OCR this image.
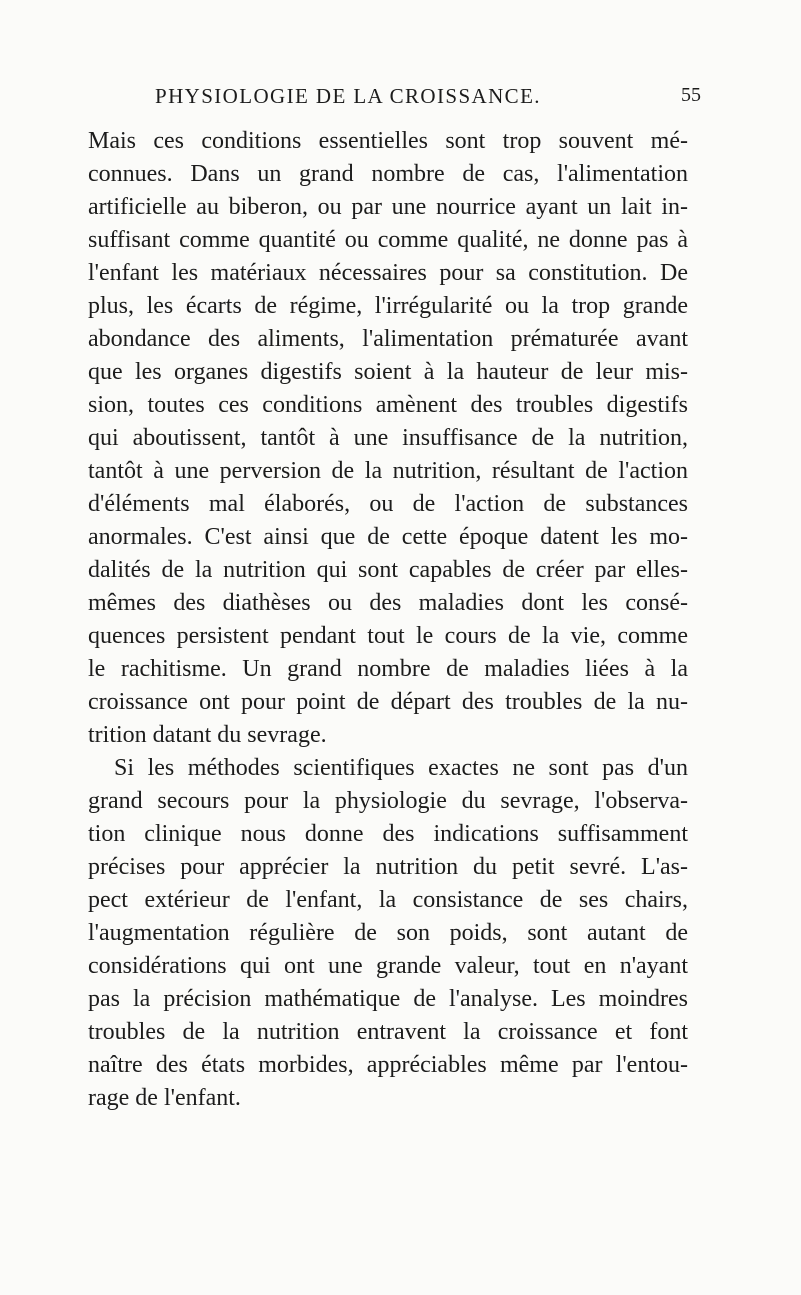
PHYSIOLOGIE DE LA CROISSANCE.	55
Mais ces conditions essentielles sont trop souvent mé-
connues. Dans un grand nombre de cas, l'alimentation
artificielle au biberon, ou par une nourrice ayant un lait in-
suffisant comme quantité ou comme qualité, ne donne pas à
l'enfant les matériaux nécessaires pour sa constitution. De
plus, les écarts de régime, l'irrégularité ou la trop grande
abondance des aliments, l'alimentation prématurée avant
que les organes digestifs soient à la hauteur de leur mis-
sion, toutes ces conditions amènent des troubles digestifs
qui aboutissent, tantôt à une insuffisance de la nutrition,
tantôt à une perversion de la nutrition, résultant de l'action
d'éléments mal élaborés, ou de l'action de substances
anormales. C'est ainsi que de cette époque datent les mo-
dalités de la nutrition qui sont capables de créer par elles-
mêmes des diathèses ou des maladies dont les consé-
quences persistent pendant tout le cours de la vie, comme
le rachitisme. Un grand nombre de maladies liées à la
croissance ont pour point de départ des troubles de la nu-
trition datant du sevrage.
Si les méthodes scientifiques exactes ne sont pas d'un
grand secours pour la physiologie du sevrage, l'observa-
tion clinique nous donne des indications suffisamment
précises pour apprécier la nutrition du petit sevré. L'as-
pect extérieur de l'enfant, la consistance de ses chairs,
l'augmentation régulière de son poids, sont autant de
considérations qui ont une grande valeur, tout en n'ayant
pas la précision mathématique de l'analyse. Les moindres
troubles de la nutrition entravent la croissance et font
naître des états morbides, appréciables même par l'entou-
rage de l'enfant.
